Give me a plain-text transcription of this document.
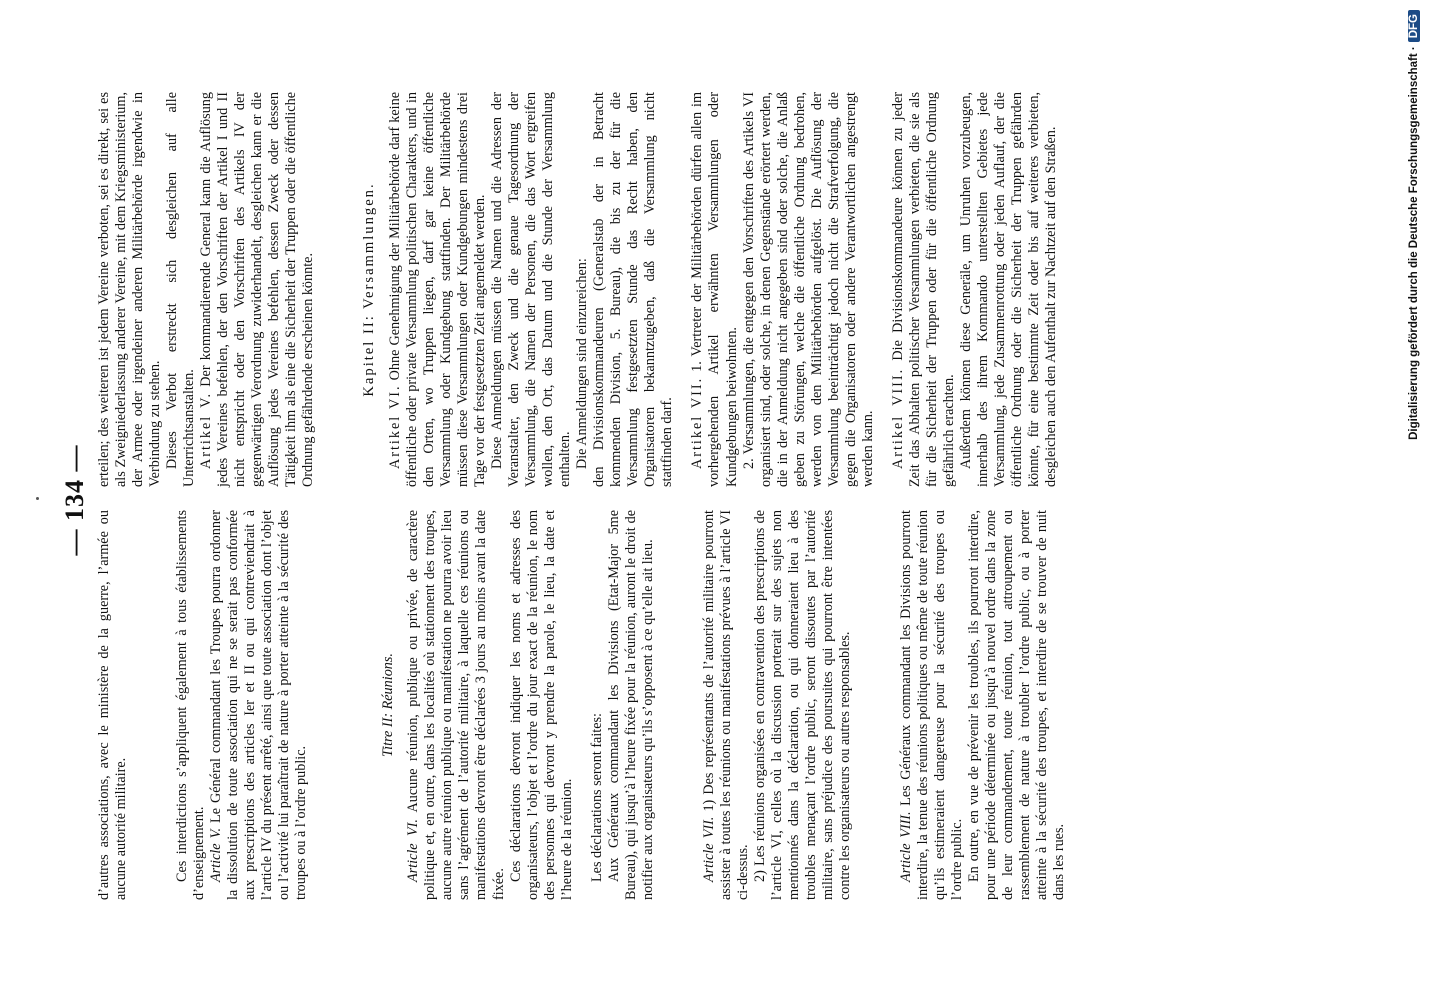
— 134 —

d’autres associations, avec le ministère de la guerre, l’armée ou aucune autorité militaire.	Ces interdictions s’appliquent également à tous établissements d’enseignement. Article V. Le Général commandant les Troupes pourra ordonner la dissolution de toute association qui ne se serait pas conformée aux prescriptions des articles Ier et II ou qui contreviendrait à l’article IV du présent arrêté, ainsi que toute association dont l’objet ou l’activité lui paraîtrait de nature à porter atteinte à la sécurité des troupes ou à l’ordre public.

Titre II: Réunions.

Article VI. Aucune réunion, publique ou privée, de caractère politique et, en outre, dans les localités où stationnent des troupes, aucune autre réunion publique ou manifestation ne pourra avoir lieu sans l’agrément de l’autorité militaire, à laquelle ces réunions ou manifestations devront être déclarées 3 jours au moins avant la date fixée.

Ces déclarations devront indiquer les noms et adresses des organisateurs, l’objet et l’ordre du jour exact de la réunion, le nom des personnes qui devront y prendre la parole, le lieu, la date et l’heure de la réunion. Les déclarations seront faites: Aux Généraux commandant les Divisions (Etat-Major 5me Bureau), qui jusqu’à l’heure fixée pour la réunion, auront le droit de notifier aux organisateurs qu’ils s’opposent à ce qu’elle ait lieu.	Article VII. 1) Des représentants de l’autorité militaire pourront assister à toutes les réunions ou manifestations prévues à l’article VI ci-dessus. 2) Les réunions organisées en contravention des prescriptions de l’article VI, celles où la discussion porterait sur des sujets non mentionnés dans la déclaration, ou qui donneraient lieu à des troubles menaçant l’ordre public, seront dissoutes par l’autorité militaire, sans préjudice des poursuites qui pourront être intentées contre les organisateurs ou autres responsables.	Article VIII. Les Généraux commandant les Divisions pourront interdire, la tenue des réunions politiques ou même de toute réunion qu’ils estimeraient dangereuse pour la sécurité des troupes ou l’ordre public. En outre, en vue de prévenir les troubles, ils pourront interdire, pour une période déterminée ou jusqu’à nouvel ordre dans la zone de leur commandement, toute réunion, tout attroupement ou rassemblement de nature à troubler l’ordre public, ou à porter atteinte à la sécurité des troupes, et interdire de se trouver de nuit dans les rues.

erteilen; des weiteren ist jedem Vereine verboten, sei es direkt, sei es als Zweigniederlassung anderer Vereine, mit dem Kriegsministerium, der Armee oder irgendeiner anderen Militärbehörde irgendwie in Verbindung zu stehen. Dieses Verbot erstreckt sich desgleichen auf alle Unterrichtsanstalten. Artikel V. Der kommandierende General kann die Auflösung jedes Vereines befehlen, der den Vorschriften der Artikel I und II nicht entspricht oder den Vorschriften des Artikels IV der gegenwärtigen Verordnung zuwiderhandelt, desgleichen kann er die Auflösung jedes Vereines befehlen, dessen Zweck oder dessen Tätigkeit ihm als eine die Sicherheit der Truppen oder die öffentliche Ordnung gefährdende erscheinen könnte.	Kapitel II: Versammlungen.

Artikel VI. Ohne Genehmigung der Militärbehörde darf keine öffentliche oder private Versammlung politischen Charakters, und in den Orten, wo Truppen liegen, darf gar keine öffentliche Versammlung oder Kundgebung stattfinden. Der Militärbehörde müssen diese Versammlungen oder Kundgebungen mindestens drei Tage vor der festgesetzten Zeit angemeldet werden. Diese Anmeldungen müssen die Namen und die Adressen der Veranstalter, den Zweck und die genaue Tagesordnung der Versammlung, die Namen der Personen, die das Wort ergreifen wollen, den Ort, das Datum und die Stunde der Versammlung enthalten. Die Anmeldungen sind einzureichen: den Divisionskommandeuren (Generalstab der in Betracht kommenden Division, 5. Bureau), die bis zu der für die Versammlung festgesetzten Stunde das Recht haben, den Organisatoren bekanntzugeben, daß die Versammlung nicht stattfinden darf. Artikel VII. 1. Vertreter der Militärbehörden dürfen allen im vorhergehenden Artikel erwähnten Versammlungen oder Kundgebungen beiwohnten. 2. Versammlungen, die entgegen den Vorschriften des Artikels VI organisiert sind, oder solche, in denen Gegenstände erörtert werden, die in der Anmeldung nicht angegeben sind oder solche, die Anlaß geben zu Störungen, welche die öffentliche Ordnung bedrohen, werden von den Militärbehörden aufgelöst. Die Auflösung der Versammlung beeinträchtigt jedoch nicht die Strafverfolgung, die gegen die Organisatoren oder andere Verantwortlichen angestrengt werden kann. Artikel VIII. Die Divisionskommandeure können zu jeder Zeit das Abhalten politischer Versammlungen verbieten, die sie als für die Sicherheit der Truppen oder für die öffentliche Ordnung gefährlich erachten. Außerdem können diese Generäle, um Unruhen vorzubeugen, innerhalb des ihrem Kommando unterstellten Gebietes jede Versammlung, jede Zusammenrottung oder jeden Auflauf, der die öffentliche Ordnung oder die Sicherheit der Truppen gefährden könnte, für eine bestimmte Zeit oder bis auf weiteres verbieten, desgleichen auch den Aufenthalt zur Nachtzeit auf den Straßen.	Digitalisierung gefördert durch die Deutsche Forschungsgemeinschaft ·DFG
